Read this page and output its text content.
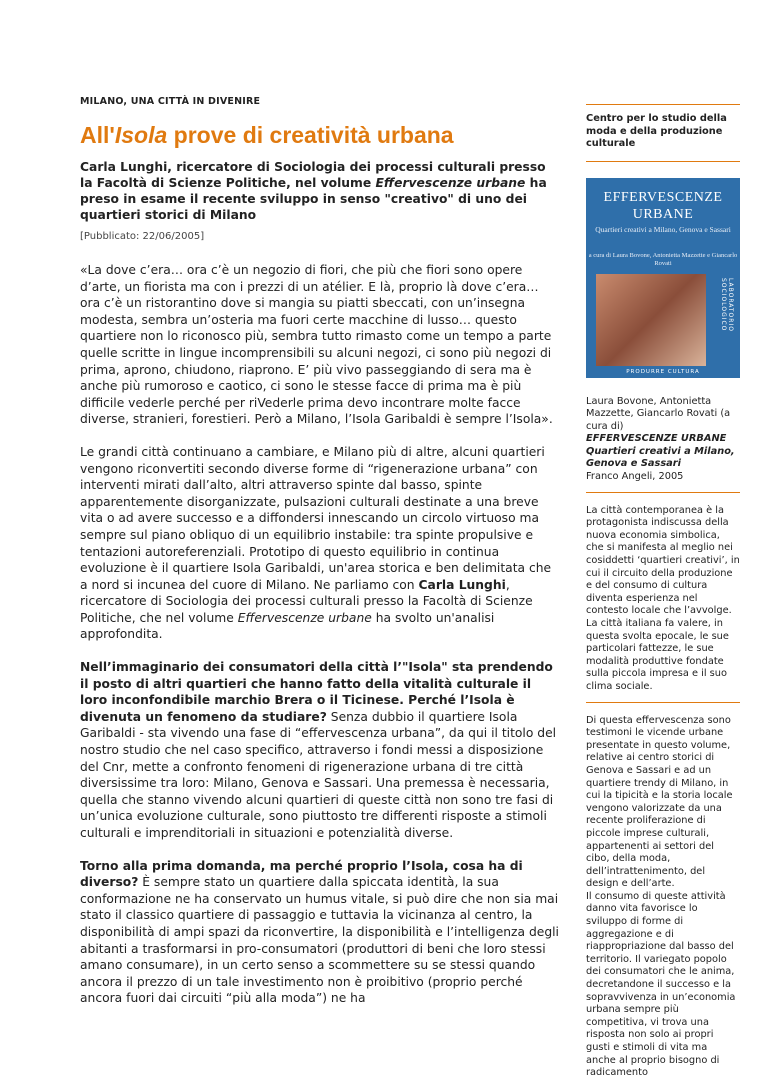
MILANO, UNA CITTÀ IN DIVENIRE
All'Isola prove di creatività urbana
Carla Lunghi, ricercatore di Sociologia dei processi culturali presso la Facoltà di Scienze Politiche, nel volume Effervescenze urbane ha preso in esame il recente sviluppo in senso "creativo" di uno dei quartieri storici di Milano
[Pubblicato: 22/06/2005]

«La dove c’era… ora c’è un negozio di fiori, che più che fiori sono opere d’arte, un fiorista ma con i prezzi di un atélier. E là, proprio là dove c’era… ora c’è un ristorantino dove si mangia su piatti sbeccati, con un’insegna modesta, sembra un’osteria ma fuori certe macchine di lusso… questo quartiere non lo riconosco più, sembra tutto rimasto come un tempo a parte quelle scritte in lingue incomprensibili su alcuni negozi, ci sono più negozi di prima, aprono, chiudono, riaprono. E’ più vivo passeggiando di sera ma è anche più rumoroso e caotico, ci sono le stesse facce di prima ma è più difficile vederle perché per riVederle prima devo incontrare molte facce diverse, stranieri, forestieri. Però a Milano, l’Isola Garibaldi è sempre l’Isola».

Le grandi città continuano a cambiare, e Milano più di altre, alcuni quartieri vengono riconvertiti secondo diverse forme di “rigenerazione urbana” con interventi mirati dall’alto, altri attraverso spinte dal basso, spinte apparentemente disorganizzate, pulsazioni culturali destinate a una breve vita o ad avere successo e a diffondersi innescando un circolo virtuoso ma sempre sul piano obliquo di un equilibrio instabile: tra spinte propulsive e tentazioni autoreferenziali. Prototipo di questo equilibrio in continua evoluzione è il quartiere Isola Garibaldi, un'area storica e ben delimitata che a nord si incunea del cuore di Milano. Ne parliamo con Carla Lunghi, ricercatore di Sociologia dei processi culturali presso la Facoltà di Scienze Politiche, che nel volume Effervescenze urbane ha svolto un'analisi approfondita.

Nell’immaginario dei consumatori della città l’"Isola" sta prendendo il posto di altri quartieri che hanno fatto della vitalità culturale il loro inconfondibile marchio Brera o il Ticinese. Perché l’Isola è divenuta un fenomeno da studiare? Senza dubbio il quartiere Isola Garibaldi - sta vivendo una fase di “effervescenza urbana”, da qui il titolo del nostro studio che nel caso specifico, attraverso i fondi messi a disposizione del Cnr, mette a confronto fenomeni di rigenerazione urbana di tre città diversissime tra loro: Milano, Genova e Sassari. Una premessa è necessaria, quella che stanno vivendo alcuni quartieri di queste città non sono tre fasi di un’unica evoluzione culturale, sono piuttosto tre differenti risposte a stimoli culturali e imprenditoriali in situazioni e potenzialità diverse.

Torno alla prima domanda, ma perché proprio l’Isola, cosa ha di diverso? È sempre stato un quartiere dalla spiccata identità, la sua conformazione ne ha conservato un humus vitale, si può dire che non sia mai stato il classico quartiere di passaggio e tuttavia la vicinanza al centro, la disponibilità di ampi spazi da riconvertire, la disponibilità e l’intelligenza degli abitanti a trasformarsi in pro-consumatori (produttori di beni che loro stessi amano consumare), in un certo senso a scommettere su se stessi quando ancora il prezzo di un tale investimento non è proibitivo (proprio perché ancora fuori dai circuiti “più alla moda”) ne ha

Centro per lo studio della moda e della produzione culturale
EFFERVESCENZE
URBANE
Quartieri creativi a Milano, Genova e Sassari
a cura di Laura Bovone, Antonietta Mazzette e Giancarlo Rovati
LABORATORIO SOCIOLOGICO
PRODURRE CULTURA
Laura Bovone, Antonietta Mazzette, Giancarlo Rovati (a cura di)
EFFERVESCENZE URBANE Quartieri creativi a Milano, Genova e Sassari
Franco Angeli, 2005

La città contemporanea è la protagonista indiscussa della nuova economia simbolica, che si manifesta al meglio nei cosiddetti ‘quartieri creativi’, in cui il circuito della produzione e del consumo di cultura diventa esperienza nel contesto locale che l’avvolge. La città italiana fa valere, in questa svolta epocale, le sue particolari fattezze, le sue modalità produttive fondate sulla piccola impresa e il suo clima sociale.

Di questa effervescenza sono testimoni le vicende urbane presentate in questo volume, relative ai centro storici di Genova e Sassari e ad un quartiere trendy di Milano, in cui la tipicità e la storia locale vengono valorizzate da una recente proliferazione di piccole imprese culturali, appartenenti ai settori del cibo, della moda, dell’intrattenimento, del design e dell’arte.

Il consumo di queste attività danno vita favorisce lo sviluppo di forme di aggregazione e di riappropriazione dal basso del territorio. Il variegato popolo dei consumatori che le anima, decretandone il successo e la sopravvivenza in un’economia urbana sempre più competitiva, vi trova una risposta non solo ai propri gusti e stimoli di vita ma anche al proprio bisogno di radicamento
